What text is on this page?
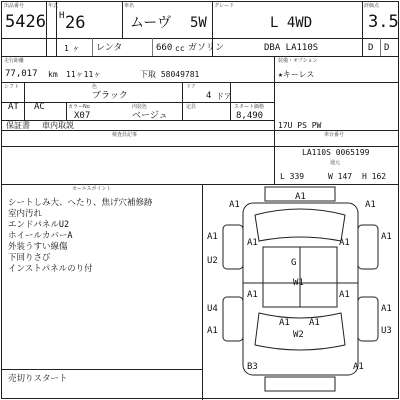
出品番号
5426
年式
H 26
車名
ムーヴ 5W
グレード
L 4WD
評価点
3.5
1 ヶ レンタ	660 cc ガソリン	DBA LA110S	D D
走行距離
77,017 km 11ヶ11ヶ	下取 58049781
装備・オプション
★キーレス
シフト	色
AT AC
ブラック
ドア
4 ドア
カラーNo
X07
内装色
ベージュ
定員	スタート価格
8,490
保証書 車内取説	17U PS PW
検査員記事	車台番号
LA110S 0065199
通元
L 339	W 147 H 162
セールスポイント
シートしみ大、へたり、焦げ穴補修跡
室内汚れ
エンドパネルU2
ホイールカバーA
外装うすい線傷
下回りさび
インストパネルのり付
売切りスタート
A1
A1
A1
A1	A1
U2	G
W1
A1	A1
A1
U4
A1
A1
A1	U3
A1
W2
A1
B3	A1
